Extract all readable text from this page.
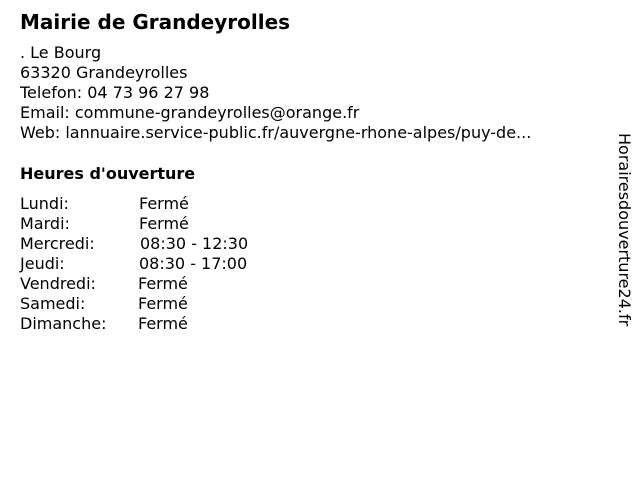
Mairie de Grandeyrolles
. Le Bourg
63320 Grandeyrolles
Telefon: 04 73 96 27 98
Email: commune-grandeyrolles@orange.fr
Web: lannuaire.service-public.fr/auvergne-rhone-alpes/puy-de...
Heures d'ouverture
Lundi:	Fermé
Mardi:	Fermé
Mercredi:	08:30 - 12:30
Jeudi:	08:30 - 17:00
Vendredi:	Fermé
Samedi:	Fermé
Dimanche: Fermé	Horairesdouverture24.fr
